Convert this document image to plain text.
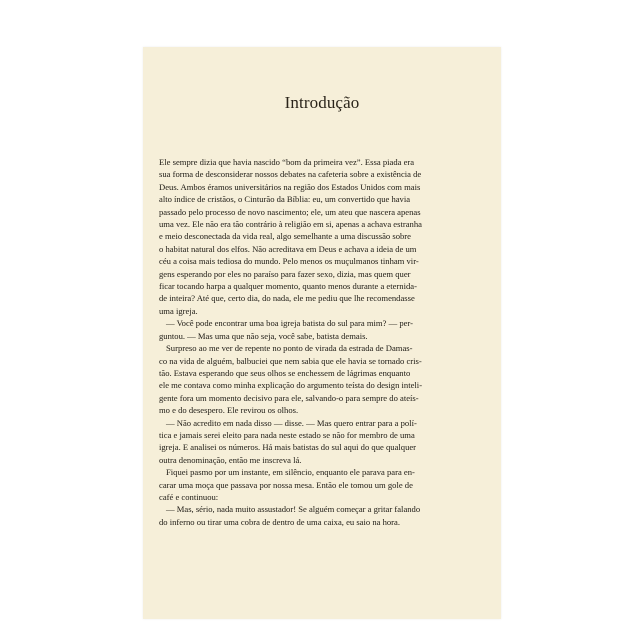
Introdução
Ele sempre dizia que havia nascido “bom da primeira vez”. Essa piada era
sua forma de desconsiderar nossos debates na cafeteria sobre a existência de
Deus. Ambos éramos universitários na região dos Estados Unidos com mais
alto índice de cristãos, o Cinturão da Bíblia: eu, um convertido que havia
passado pelo processo de novo nascimento; ele, um ateu que nascera apenas
uma vez. Ele não era tão contrário à religião em si, apenas a achava estranha
e meio desconectada da vida real, algo semelhante a uma discussão sobre
o habitat natural dos elfos. Não acreditava em Deus e achava a ideia de um
céu a coisa mais tediosa do mundo. Pelo menos os muçulmanos tinham vir-
gens esperando por eles no paraíso para fazer sexo, dizia, mas quem quer
ficar tocando harpa a qualquer momento, quanto menos durante a eternida-
de inteira? Até que, certo dia, do nada, ele me pediu que lhe recomendasse
uma igreja.
— Você pode encontrar uma boa igreja batista do sul para mim? — per-
guntou. — Mas uma que não seja, você sabe, batista demais.
Surpreso ao me ver de repente no ponto de virada da estrada de Damas-
co na vida de alguém, balbuciei que nem sabia que ele havia se tornado cris-
tão. Estava esperando que seus olhos se enchessem de lágrimas enquanto
ele me contava como minha explicação do argumento teísta do design inteli-
gente fora um momento decisivo para ele, salvando-o para sempre do ateís-
mo e do desespero. Ele revirou os olhos.
— Não acredito em nada disso — disse. — Mas quero entrar para a polí-
tica e jamais serei eleito para nada neste estado se não for membro de uma
igreja. E analisei os números. Há mais batistas do sul aqui do que qualquer
outra denominação, então me inscreva lá.
Fiquei pasmo por um instante, em silêncio, enquanto ele parava para en-
carar uma moça que passava por nossa mesa. Então ele tomou um gole de
café e continuou:
— Mas, sério, nada muito assustador! Se alguém começar a gritar falando
do inferno ou tirar uma cobra de dentro de uma caixa, eu saio na hora.
